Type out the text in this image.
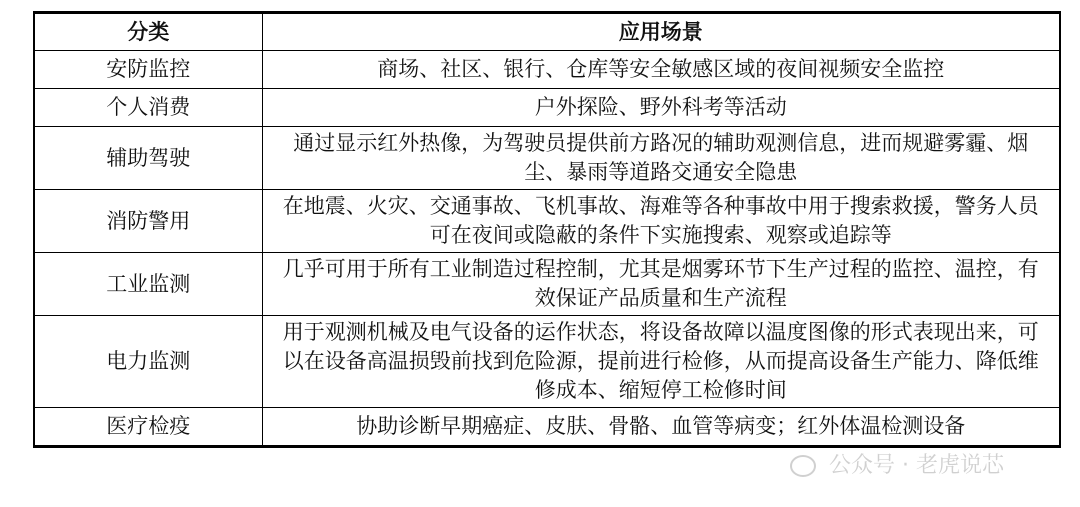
分类	应用场景
安防监控	商场、社区、银行、仓库等安全敏感区域的夜间视频安全监控
个人消费	户外探险、野外科考等活动
辅助驾驶	通过显示红外热像，为驾驶员提供前方路况的辅助观测信息，进而规避雾霾、烟尘、暴雨等道路交通安全隐患
消防警用	在地震、火灾、交通事故、飞机事故、海难等各种事故中用于搜索救援，警务人员可在夜间或隐蔽的条件下实施搜索、观察或追踪等
工业监测	几乎可用于所有工业制造过程控制，尤其是烟雾环节下生产过程的监控、温控，有效保证产品质量和生产流程
电力监测	用于观测机械及电气设备的运作状态，将设备故障以温度图像的形式表现出来，可以在设备高温损毁前找到危险源，提前进行检修，从而提高设备生产能力、降低维修成本、缩短停工检修时间
医疗检疫	协助诊断早期癌症、皮肤、骨骼、血管等病变；红外体温检测设备
公众号 · 老虎说芯
